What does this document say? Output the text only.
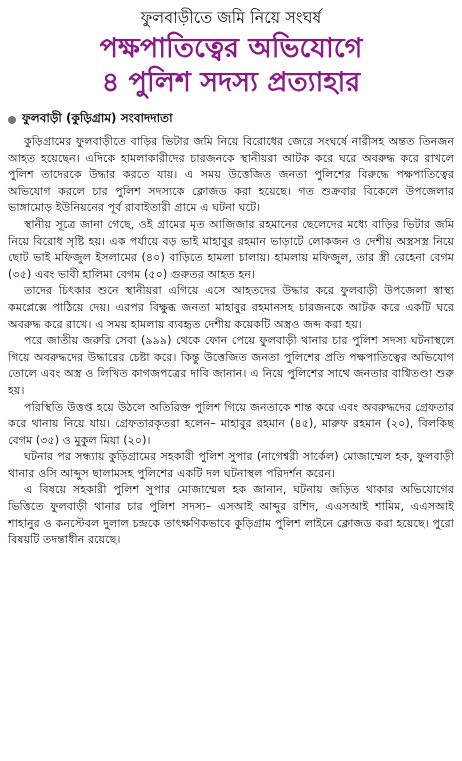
ফুলবাড়ীতে জমি নিয়ে সংঘর্ষ
পক্ষপাতিত্বের অভিযোগে
৪ পুলিশ সদস্য প্রত্যাহার
ফুলবাড়ী (কুড়িগ্রাম) সংবাদদাতা

কুড়িগ্রামের ফুলবাড়ীতে বাড়ির ভিটার জমি নিয়ে বিরোধের জেরে সংঘর্ষে নারীসহ অন্তত তিনজন আহত হয়েছেন। এদিকে হামলাকারীদের চারজনকে স্থানীয়রা আটক করে ঘরে অবরুদ্ধ করে রাখলে পুলিশ তাদেরকে উদ্ধার করতে যায়। এ সময় উত্তেজিত জনতা পুলিশের বিরুদ্ধে পক্ষপাতিত্বের অভিযোগ করলে চার পুলিশ সদস্যকে ক্লোজড করা হয়েছে। গত শুক্রবার বিকেলে উপজেলার ভাঙ্গামোড় ইউনিয়নের পূর্ব রাবাইতারী গ্রামে এ ঘটনা ঘটে।

স্থানীয় সূত্রে জানা গেছে, ওই গ্রামের মৃত আজিজার রহমানের ছেলেদের মধ্যে বাড়ির ভিটার জমি নিয়ে বিরোধ সৃষ্টি হয়। এক পর্যায়ে বড় ভাই মাহাবুর রহমান ভাড়াটে লোকজন ও দেশীয় অস্ত্রসস্ত্র নিয়ে ছোট ভাই মফিজুল ইসলামের (৪০) বাড়িতে হামলা চালায়। হামলায় মফিজুল, তার স্ত্রী রেহেনা বেগম (৩৫) এবং ভাবী হালিমা বেগম (৫০) গুরুতর আহত হন।

তাদের চিৎকার শুনে স্থানীয়রা এগিয়ে এসে আহতদের উদ্ধার করে ফুলবাড়ী উপজেলা স্বাস্থ্য কমপ্লেক্সে পাঠিয়ে দেয়। এরপর বিক্ষুব্ধ জনতা মাহাবুর রহমানসহ চারজনকে আটক করে একটি ঘরে অবরুদ্ধ করে রাখে। এ সময় হামলায় ব্যবহৃত দেশীয় কয়েকটি অস্ত্রও জব্দ করা হয়।

পরে জাতীয় জরুরি সেবা (৯৯৯) থেকে ফোন পেয়ে ফুলবাড়ী থানার চার পুলিশ সদস্য ঘটনাস্থলে গিয়ে অবরুদ্ধদের উদ্ধারের চেষ্টা করে। কিন্তু উত্তেজিত জনতা পুলিশের প্রতি পক্ষপাতিত্বের অভিযোগ তোলে এবং অস্ত্র ও লিখিত কাগজপত্রের দাবি জানান। এ নিয়ে পুলিশের সাথে জনতার বাগ্বিতণ্ডা শুরু হয়।

পরিস্থিতি উত্তপ্ত হয়ে উঠলে অতিরিক্ত পুলিশ গিয়ে জনতাকে শান্ত করে এবং অবরুদ্ধদের গ্রেফতার করে থানায় নিয়ে যায়। গ্রেফতারকৃতরা হলেন– মাহাবুর রহমান (৪৫), মারুফ রহমান (২০), বিলকিছ বেগম (৩৫) ও মুকুল মিয়া (২০)।

ঘটনার পর সন্ধ্যায় কুড়িগ্রামের সহকারী পুলিশ সুপার (নাগেশ্বরী সার্কেল) মোজাম্মেল হক, ফুলবাড়ী থানার ওসি আব্দুস ছালামসহ পুলিশের একটি দল ঘটনাস্থল পরিদর্শন করেন।

এ বিষয়ে সহকারী পুলিশ সুপার মোজাম্মেল হক জানান, ঘটনায় জড়িত থাকার অভিযোগের ভিত্তিতে ফুলবাড়ী থানার চার পুলিশ সদস্য– এসআই আব্দুর রশিদ, এএসআই শামিম, এএসআই শাহানুর ও কনস্টেবল দুলাল চন্দ্রকে তাৎক্ষণিকভাবে কুড়িগ্রাম পুলিশ লাইনে ক্লোজড করা হয়েছে। পুরো বিষয়টি তদন্তাধীন রয়েছে।
